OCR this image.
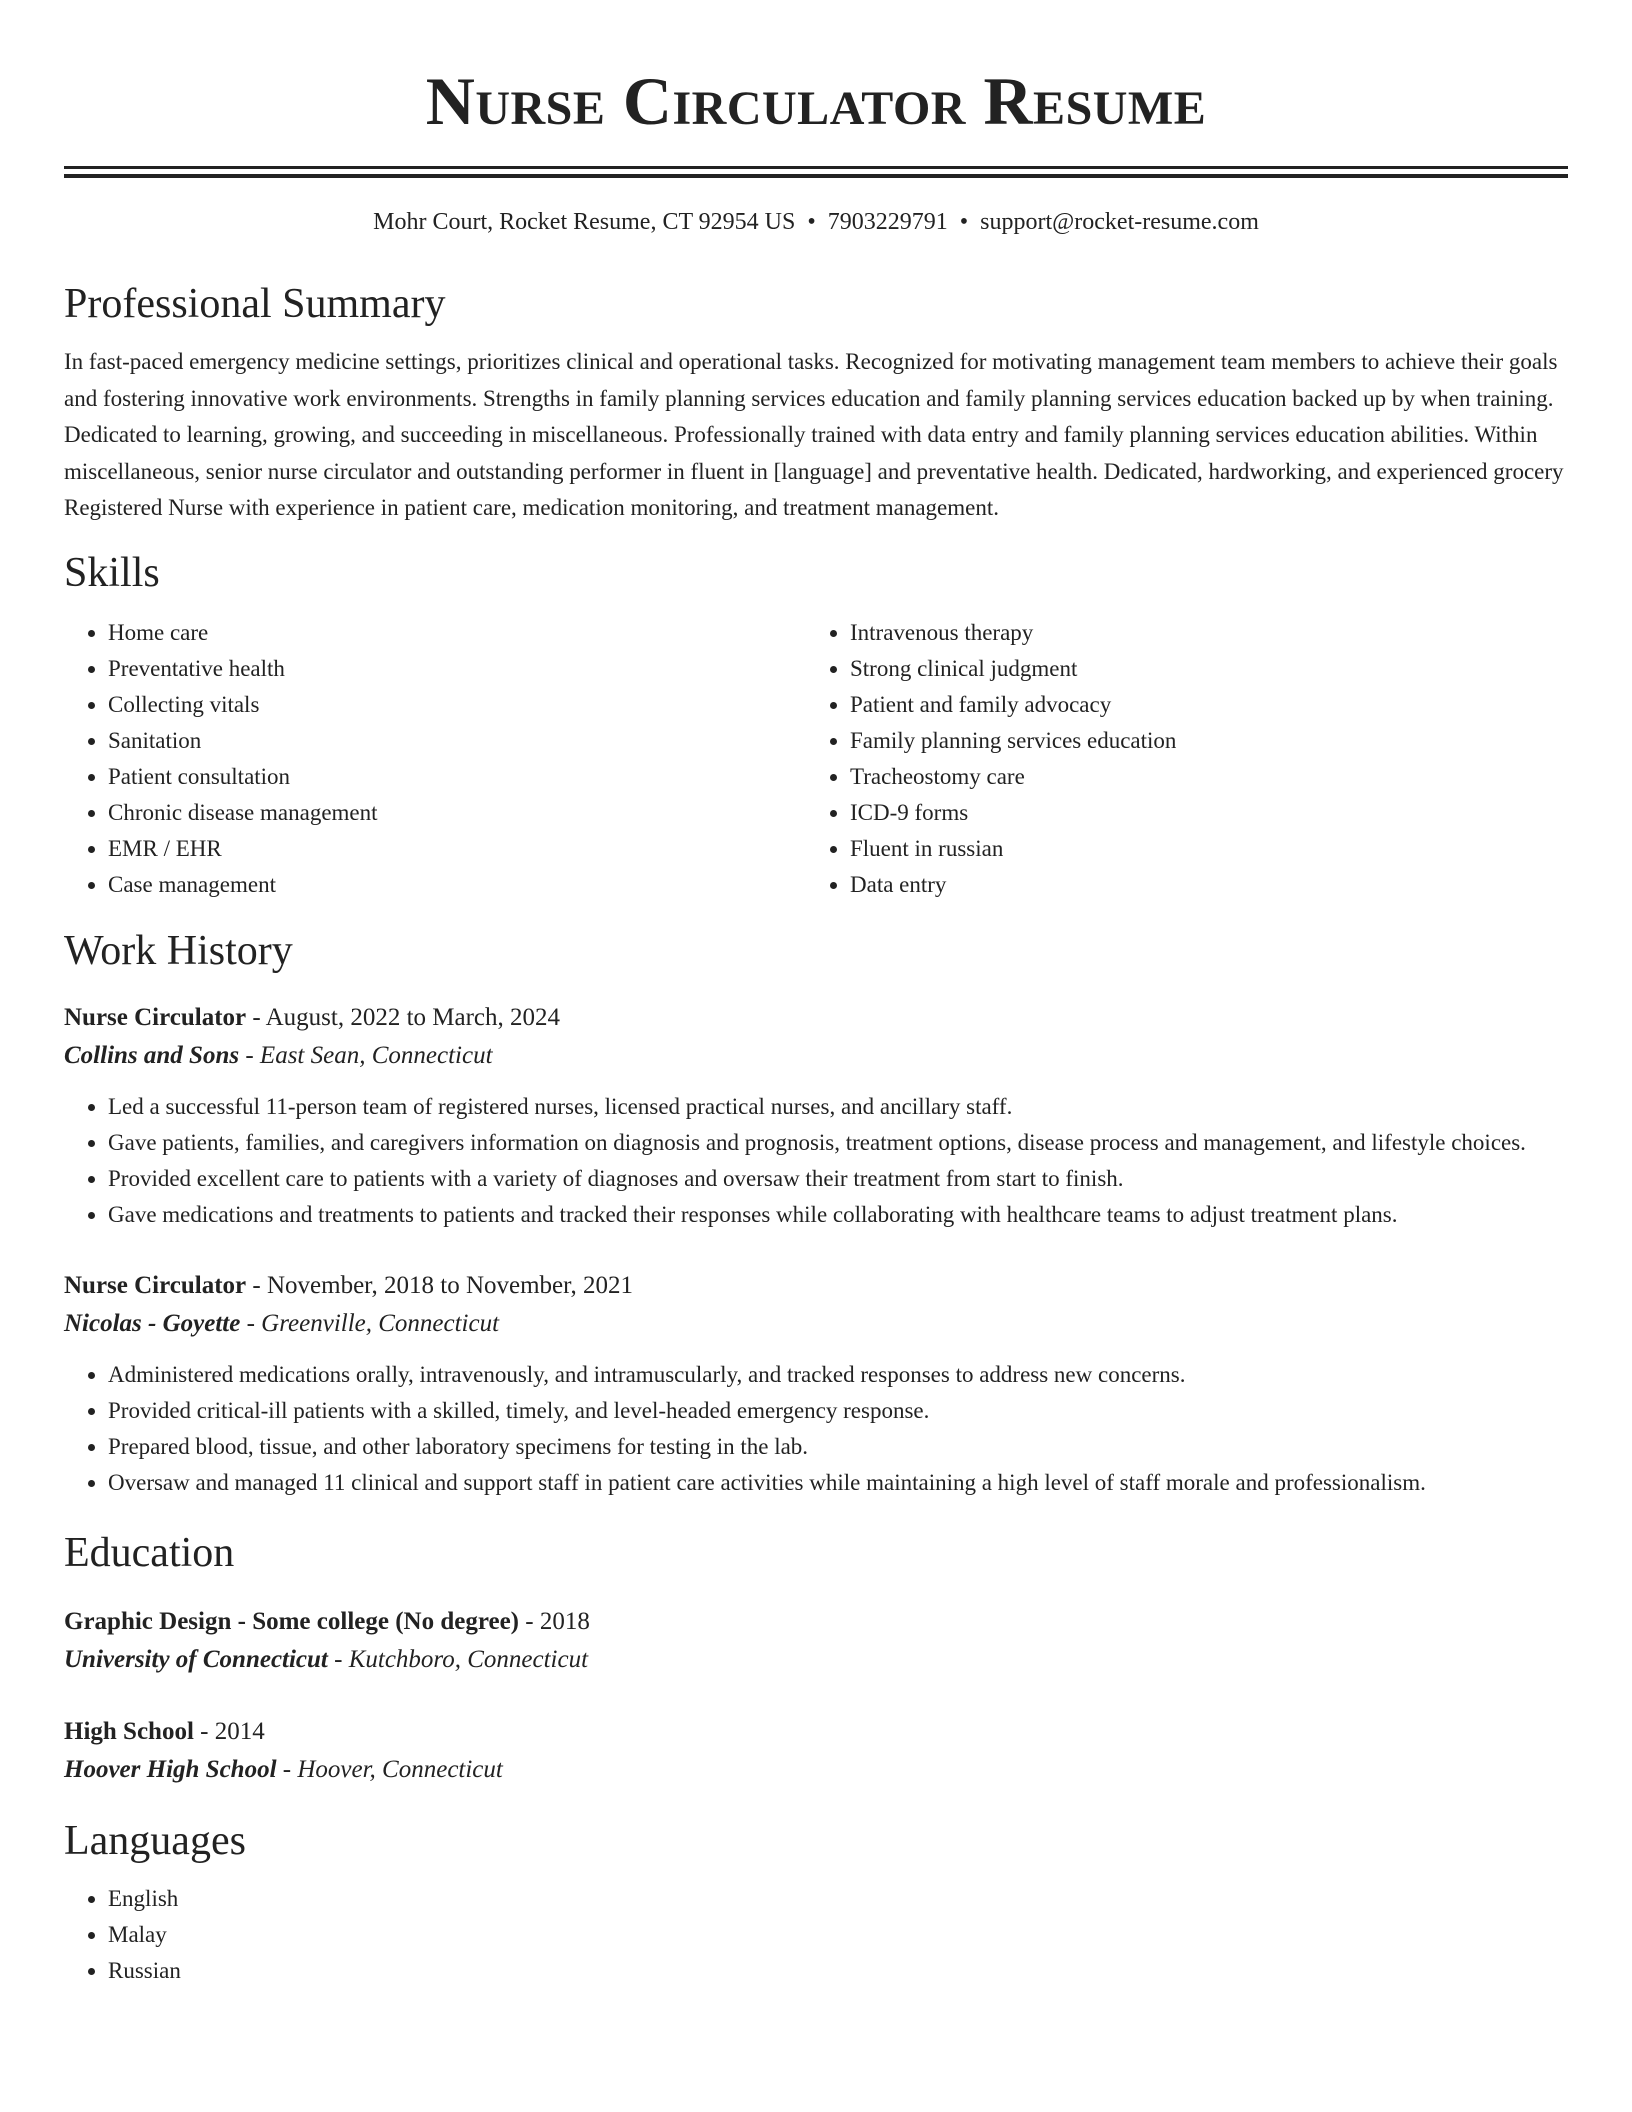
Nurse Circulator Resume
Mohr Court, Rocket Resume, CT 92954 US • 7903229791 • support@rocket-resume.com
Professional Summary

In fast-paced emergency medicine settings, prioritizes clinical and operational tasks. Recognized for motivating management team members to achieve their goals and fostering innovative work environments. Strengths in family planning services education and family planning services education backed up by when training. Dedicated to learning, growing, and succeeding in miscellaneous. Professionally trained with data entry and family planning services education abilities. Within miscellaneous, senior nurse circulator and outstanding performer in fluent in [language] and preventative health. Dedicated, hardworking, and experienced grocery Registered Nurse with experience in patient care, medication monitoring, and treatment management.

Skills
• Home care
• Preventative health
• Collecting vitals
• Sanitation
• Patient consultation
• Chronic disease management
• EMR / EHR
• Case management
• Intravenous therapy
• Strong clinical judgment
• Patient and family advocacy
• Family planning services education
• Tracheostomy care
• ICD-9 forms
• Fluent in russian
• Data entry
Work History
Nurse Circulator - August, 2022 to March, 2024
Collins and Sons - East Sean, Connecticut
• Led a successful 11-person team of registered nurses, licensed practical nurses, and ancillary staff.
• Gave patients, families, and caregivers information on diagnosis and prognosis, treatment options, disease process and management, and lifestyle choices.
• Provided excellent care to patients with a variety of diagnoses and oversaw their treatment from start to finish.
• Gave medications and treatments to patients and tracked their responses while collaborating with healthcare teams to adjust treatment plans.
Nurse Circulator - November, 2018 to November, 2021
Nicolas - Goyette - Greenville, Connecticut
• Administered medications orally, intravenously, and intramuscularly, and tracked responses to address new concerns.
• Provided critical-ill patients with a skilled, timely, and level-headed emergency response.
• Prepared blood, tissue, and other laboratory specimens for testing in the lab.
• Oversaw and managed 11 clinical and support staff in patient care activities while maintaining a high level of staff morale and professionalism.
Education
Graphic Design - Some college (No degree) - 2018
University of Connecticut - Kutchboro, Connecticut
High School - 2014
Hoover High School - Hoover, Connecticut
Languages
• English
• Malay
• Russian
